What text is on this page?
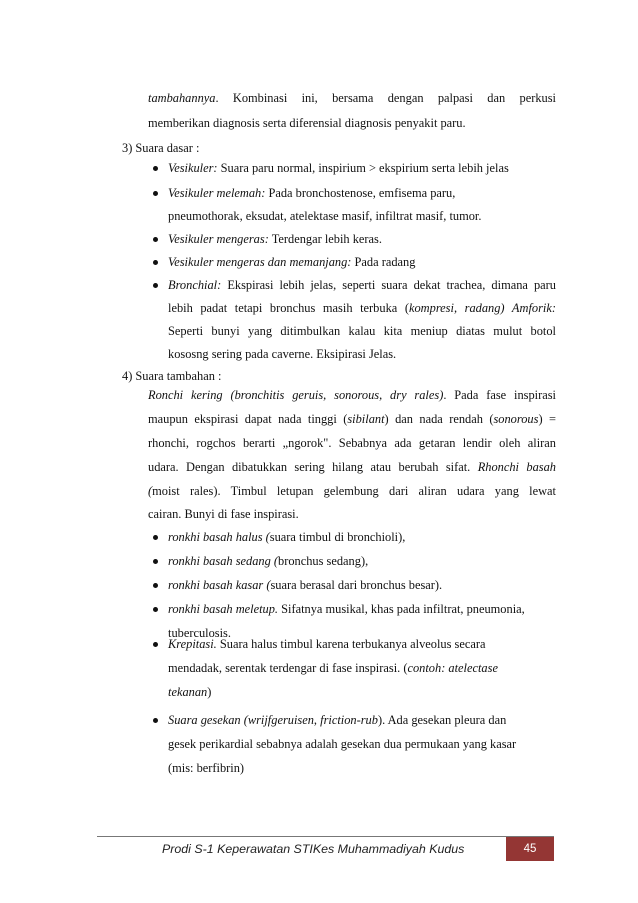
tambahannya. Kombinasi ini, bersama dengan palpasi dan perkusi
memberikan diagnosis serta diferensial diagnosis penyakit paru.
3) Suara dasar :
Vesikuler: Suara paru normal, inspirium > ekspirium serta lebih jelas
Vesikuler melemah: Pada bronchostenose, emfisema paru,
pneumothorak, eksudat, atelektase masif, infiltrat masif, tumor.
Vesikuler mengeras: Terdengar lebih keras.
Vesikuler mengeras dan memanjang: Pada radang
Bronchial: Ekspirasi lebih jelas, seperti suara dekat trachea, dimana paru
lebih padat tetapi bronchus masih terbuka (kompresi, radang) Amforik:
Seperti bunyi yang ditimbulkan kalau kita meniup diatas mulut botol
kososng sering pada caverne. Eksipirasi Jelas.
4) Suara tambahan :
Ronchi kering (bronchitis geruis, sonorous, dry rales). Pada fase inspirasi
maupun ekspirasi dapat nada tinggi (sibilant) dan nada rendah (sonorous) =
rhonchi, rogchos berarti „ngorok". Sebabnya ada getaran lendir oleh aliran
udara. Dengan dibatukkan sering hilang atau berubah sifat. Rhonchi basah
(moist rales). Timbul letupan gelembung dari aliran udara yang lewat
cairan. Bunyi di fase inspirasi.
ronkhi basah halus (suara timbul di bronchioli),
ronkhi basah sedang (bronchus sedang),
ronkhi basah kasar (suara berasal dari bronchus besar).
ronkhi basah meletup. Sifatnya musikal, khas pada infiltrat, pneumonia,
tuberculosis.
Krepitasi. Suara halus timbul karena terbukanya alveolus secara
mendadak, serentak terdengar di fase inspirasi. (contoh: atelectase
tekanan)
Suara gesekan (wrijfgeruisen, friction-rub). Ada gesekan pleura dan
gesek perikardial sebabnya adalah gesekan dua permukaan yang kasar
(mis: berfibrin)
Prodi S-1 Keperawatan STIKes Muhammadiyah Kudus	45
